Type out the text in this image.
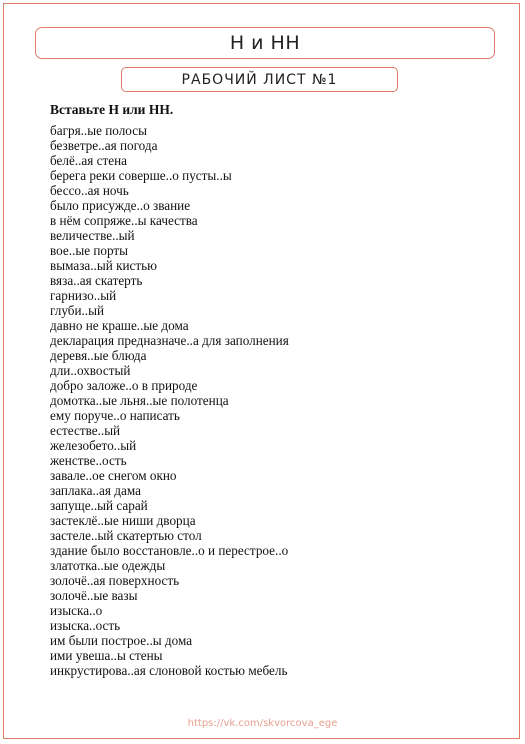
Н и НН
РАБОЧИЙ ЛИСТ №1
Вставьте Н или НН.
багря..ые полосы
безветре..ая погода
белё..ая стена
берега реки соверше..о пусты..ы
бессо..ая ночь
было присужде..о звание
в нём сопряже..ы качества
величестве..ый
вое..ые порты
вымаза..ый кистью
вяза..ая скатерть
гарнизо..ый
глуби..ый
давно не краше..ые дома
декларация предназначе..а для заполнения
деревя..ые блюда
дли..охвостый
добро заложе..о в природе
домотка..ые льня..ые полотенца
ему поруче..о написать
естестве..ый
железобето..ый
женстве..ость
завале..ое снегом окно
заплака..ая дама
запуще..ый сарай
застеклё..ые ниши дворца
застеле..ый скатертью стол
здание было восстановле..о и перестрое..о
златотка..ые одежды
золочё..ая поверхность
золочё..ые вазы
изыска..о
изыска..ость
им были построе..ы дома
ими увеша..ы стены
инкрустирова..ая слоновой костью мебель
https://vk.com/skvorcova_ege
